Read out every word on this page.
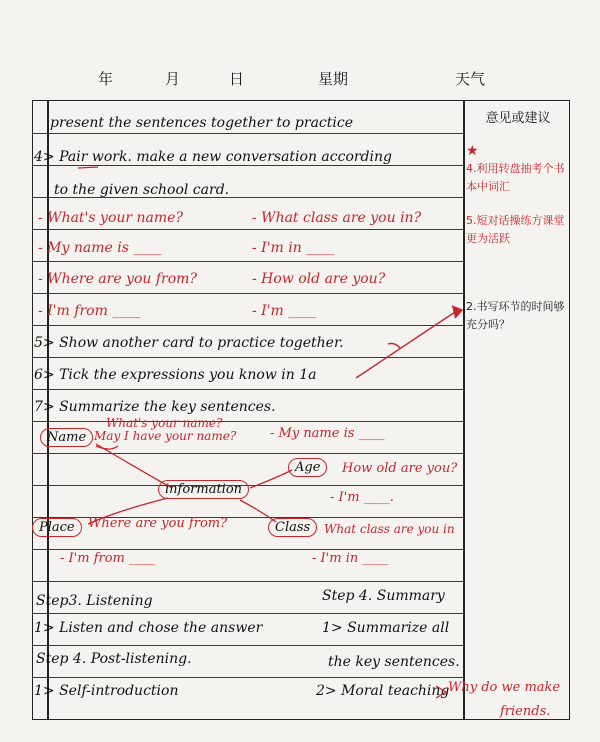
年	月	日	星期	天气
意见或建议
present the sentences together to practice
4> Pair work. make a new conversation according
to the given school card.
- What's your name?	- What class are you in?
- My name is ____	- I'm in ____
- Where are you from?	- How old are you?
- I'm from ____	- I'm ____
5> Show another card to practice together.
6> Tick the expressions you know in 1a
7> Summarize the key sentences.
Name
What's your name?
May I have your name?	- My name is ____
Age	How old are you?
- I'm ____.
information
Place	Where are you from?
- I'm from ____
Class	What class are you in
- I'm in ____
Step3. Listening	Step 4. Summary
1> Listen and chose the answer	1> Summarize all
Step 4. Post-listening.	the key sentences.
1> Self-introduction	2> Moral teaching
Why do we make
friends.
★
4.利用转盘抽考个书本中词汇
5.短对话操练方课堂更为活跃
2.书写环节的时间够充分吗？
